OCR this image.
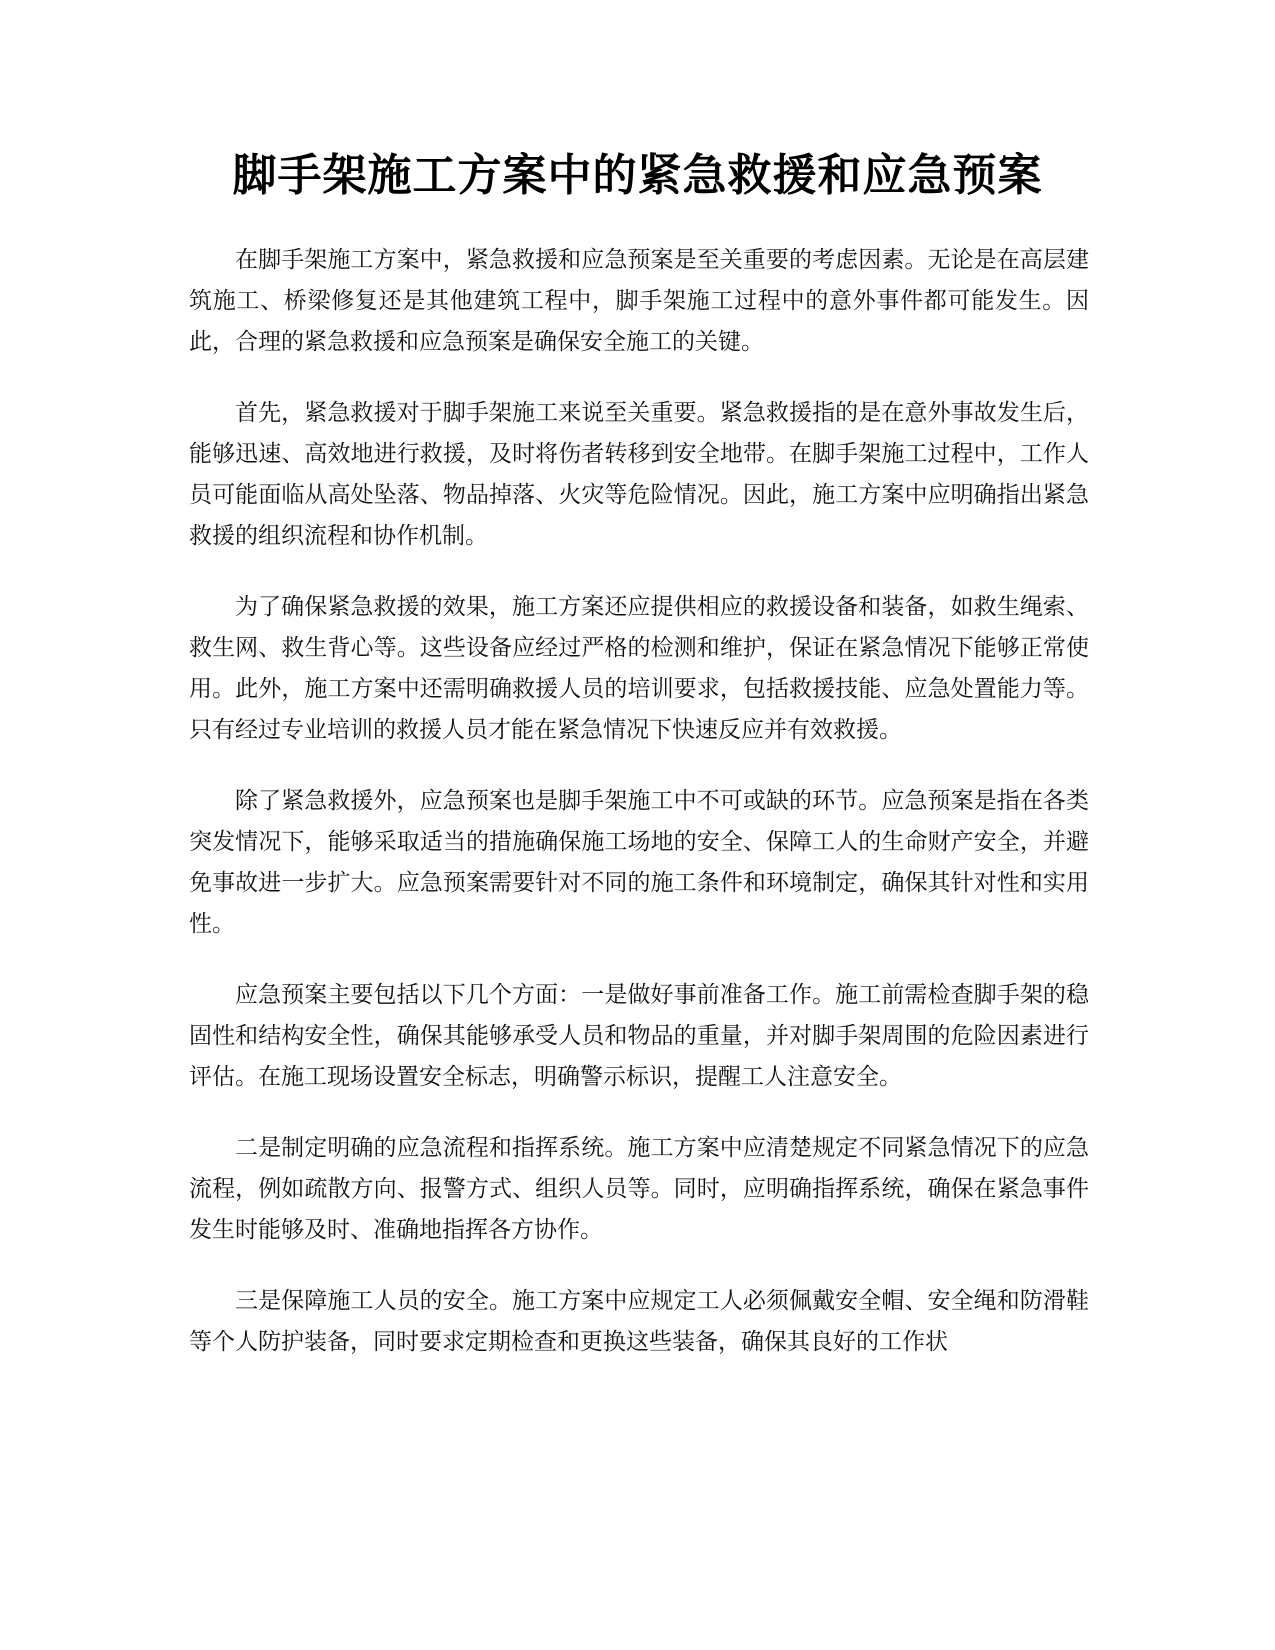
脚手架施工方案中的紧急救援和应急预案

在脚手架施工方案中，紧急救援和应急预案是至关重要的考虑因素。无论是在高层建筑施工、桥梁修复还是其他建筑工程中，脚手架施工过程中的意外事件都可能发生。因此，合理的紧急救援和应急预案是确保安全施工的关键。

首先，紧急救援对于脚手架施工来说至关重要。紧急救援指的是在意外事故发生后，能够迅速、高效地进行救援，及时将伤者转移到安全地带。在脚手架施工过程中，工作人员可能面临从高处坠落、物品掉落、火灾等危险情况。因此，施工方案中应明确指出紧急救援的组织流程和协作机制。

为了确保紧急救援的效果，施工方案还应提供相应的救援设备和装备，如救生绳索、救生网、救生背心等。这些设备应经过严格的检测和维护，保证在紧急情况下能够正常使用。此外，施工方案中还需明确救援人员的培训要求，包括救援技能、应急处置能力等。只有经过专业培训的救援人员才能在紧急情况下快速反应并有效救援。

除了紧急救援外，应急预案也是脚手架施工中不可或缺的环节。应急预案是指在各类突发情况下，能够采取适当的措施确保施工场地的安全、保障工人的生命财产安全，并避免事故进一步扩大。应急预案需要针对不同的施工条件和环境制定，确保其针对性和实用性。

应急预案主要包括以下几个方面：一是做好事前准备工作。施工前需检查脚手架的稳固性和结构安全性，确保其能够承受人员和物品的重量，并对脚手架周围的危险因素进行评估。在施工现场设置安全标志，明确警示标识，提醒工人注意安全。

二是制定明确的应急流程和指挥系统。施工方案中应清楚规定不同紧急情况下的应急流程，例如疏散方向、报警方式、组织人员等。同时，应明确指挥系统，确保在紧急事件发生时能够及时、准确地指挥各方协作。

三是保障施工人员的安全。施工方案中应规定工人必须佩戴安全帽、安全绳和防滑鞋等个人防护装备，同时要求定期检查和更换这些装备，确保其良好的工作状
